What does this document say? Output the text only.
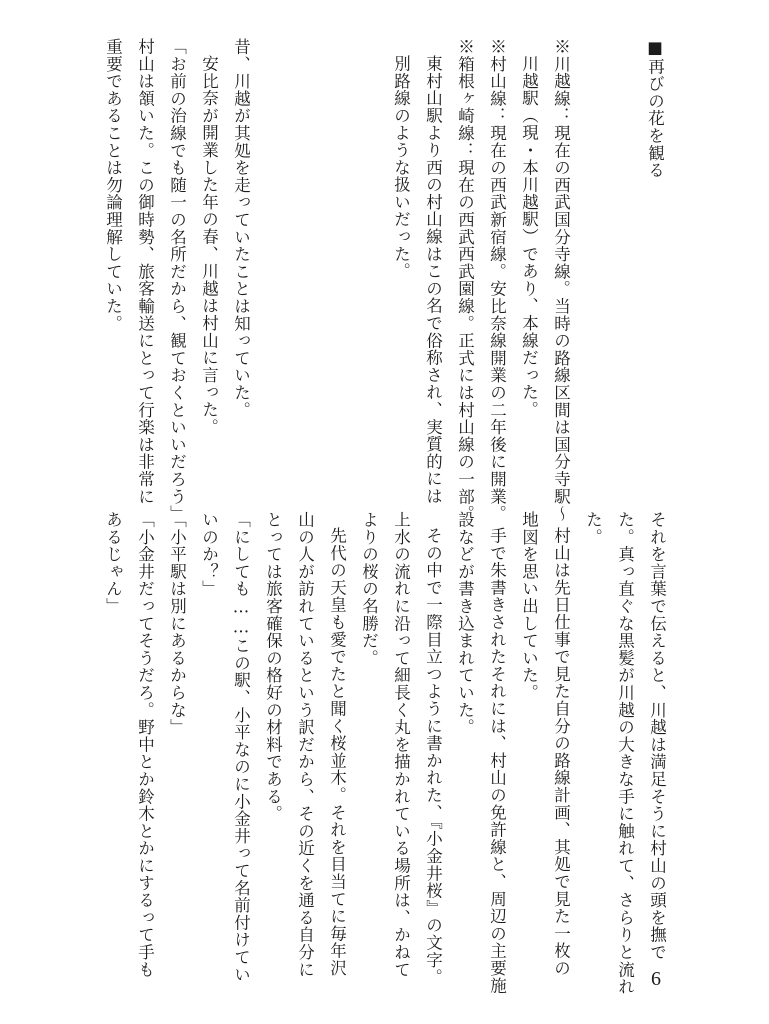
■再びの花を観る
※川越線：現在の西武国分寺線。当時の路線区間は国分寺駅〜
川越駅（現・本川越駅）であり、本線だった。
※村山線：現在の西武新宿線。安比奈線開業の二年後に開業。
※箱根ヶ崎線：現在の西武西武園線。正式には村山線の一部。
東村山駅より西の村山線はこの名で俗称され、実質的には
別路線のような扱いだった。
昔、川越が其処を走っていたことは知っていた。
安比奈が開業した年の春、川越は村山に言った。
「お前の治線でも随一の名所だから、観ておくといいだろう」
村山は頷いた。この御時勢、旅客輸送にとって行楽は非常に
重要であることは勿論理解していた。
それを言葉で伝えると、川越は満足そうに村山の頭を撫で
た。真っ直ぐな黒髪が川越の大きな手に触れて、さらりと流れ
た。
村山は先日仕事で見た自分の路線計画、其処で見た一枚の
地図を思い出していた。
手で朱書きされたそれには、村山の免許線と、周辺の主要施
設などが書き込まれていた。
その中で一際目立つように書かれた、『小金井桜』の文字。
上水の流れに沿って細長く丸を描かれている場所は、かねて
よりの桜の名勝だ。
先代の天皇も愛でたと聞く桜並木。それを目当てに毎年沢
山の人が訪れているという訳だから、その近くを通る自分に
とっては旅客確保の格好の材料である。
「にしても……この駅、小平なのに小金井って名前付けてい
いのか？」
「小平駅は別にあるからな」
「小金井だってそうだろ。野中とか鈴木とかにするって手も
あるじゃん」
6
